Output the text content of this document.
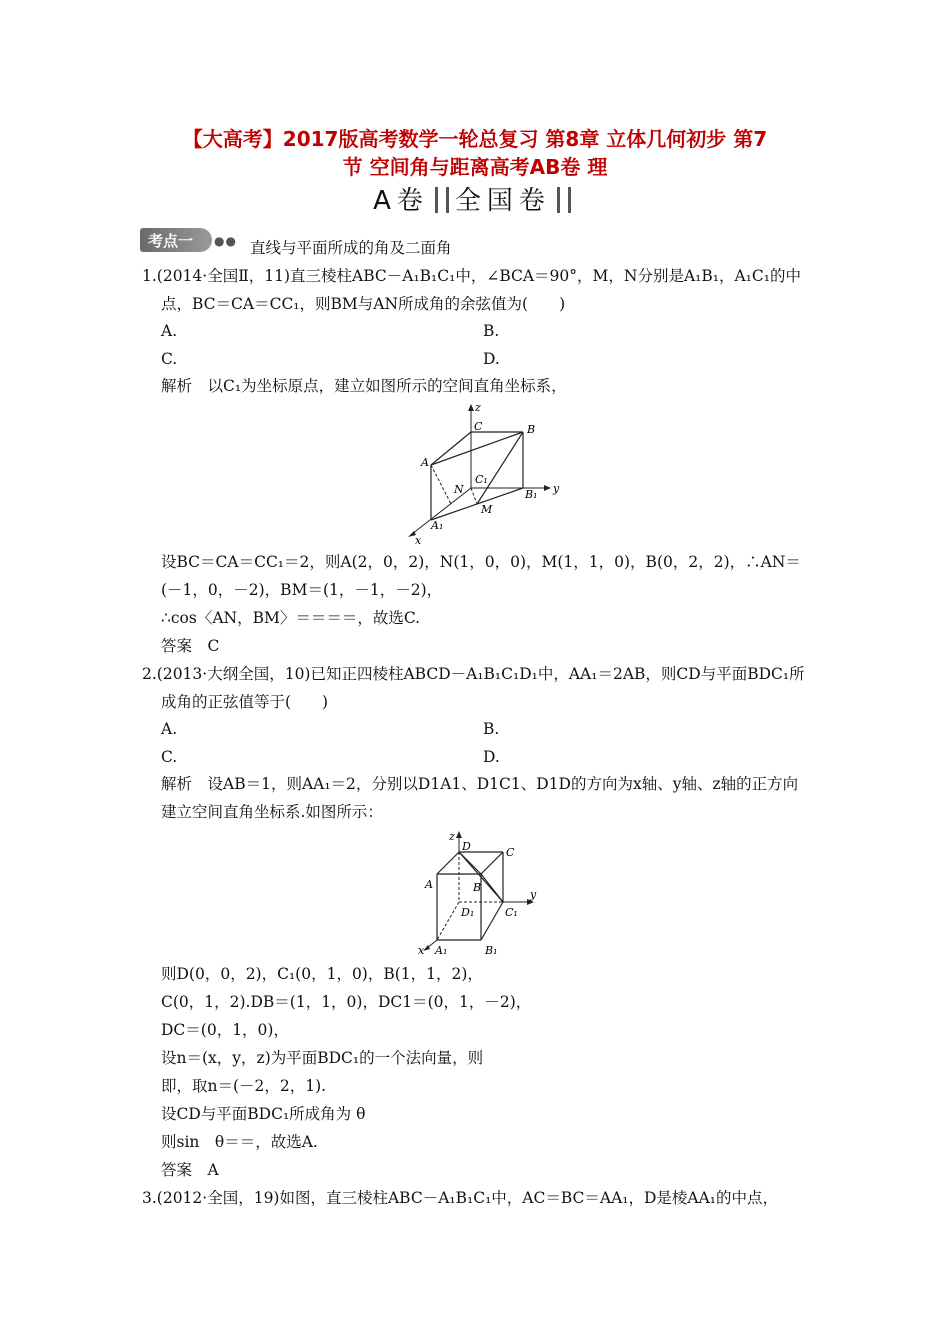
【大高考】2017版高考数学一轮总复习 第8章 立体几何初步 第7
节 空间角与距离高考AB卷 理
A卷 全国卷
考点一 ●● 直线与平面所成的角及二面角
1.(2014·全国Ⅱ，11)直三棱柱ABC－A₁B₁C₁中，∠BCA＝90°，M，N分别是A₁B₁，A₁C₁的中
点，BC＝CA＝CC₁，则BM与AN所成角的余弦值为(　　)
A.	B.
C.	D.
解析　以C₁为坐标原点，建立如图所示的空间直角坐标系，
z
y
x
C	B
A
C₁
N	B₁
M
A₁
设BC＝CA＝CC₁＝2，则A(2，0，2)，N(1，0，0)，M(1，1，0)，B(0，2，2)，∴AN＝
(－1，0，－2)，BM＝(1，－1，－2)，
∴cos〈AN，BM〉＝＝＝＝，故选C.
答案　C
2.(2013·大纲全国，10)已知正四棱柱ABCD－A₁B₁C₁D₁中，AA₁＝2AB，则CD与平面BDC₁所
成角的正弦值等于(　　)
A.	B.
C.	D.
解析　设AB＝1，则AA₁＝2，分别以D1A1、D1C1、D1D的方向为x轴、y轴、z轴的正方向
建立空间直角坐标系.如图所示：
z
D	C
A	B
y
D₁	C₁
x A₁	B₁
则D(0，0，2)，C₁(0，1，0)，B(1，1，2)，
C(0，1，2).DB＝(1，1，0)，DC1＝(0，1，－2)，
DC＝(0，1，0)，
设n＝(x，y，z)为平面BDC₁的一个法向量，则
即，取n＝(－2，2，1).
设CD与平面BDC₁所成角为 θ
则sin　θ＝＝，故选A.
答案　A
3.(2012·全国，19)如图，直三棱柱ABC－A₁B₁C₁中，AC＝BC＝AA₁，D是棱AA₁的中点，
